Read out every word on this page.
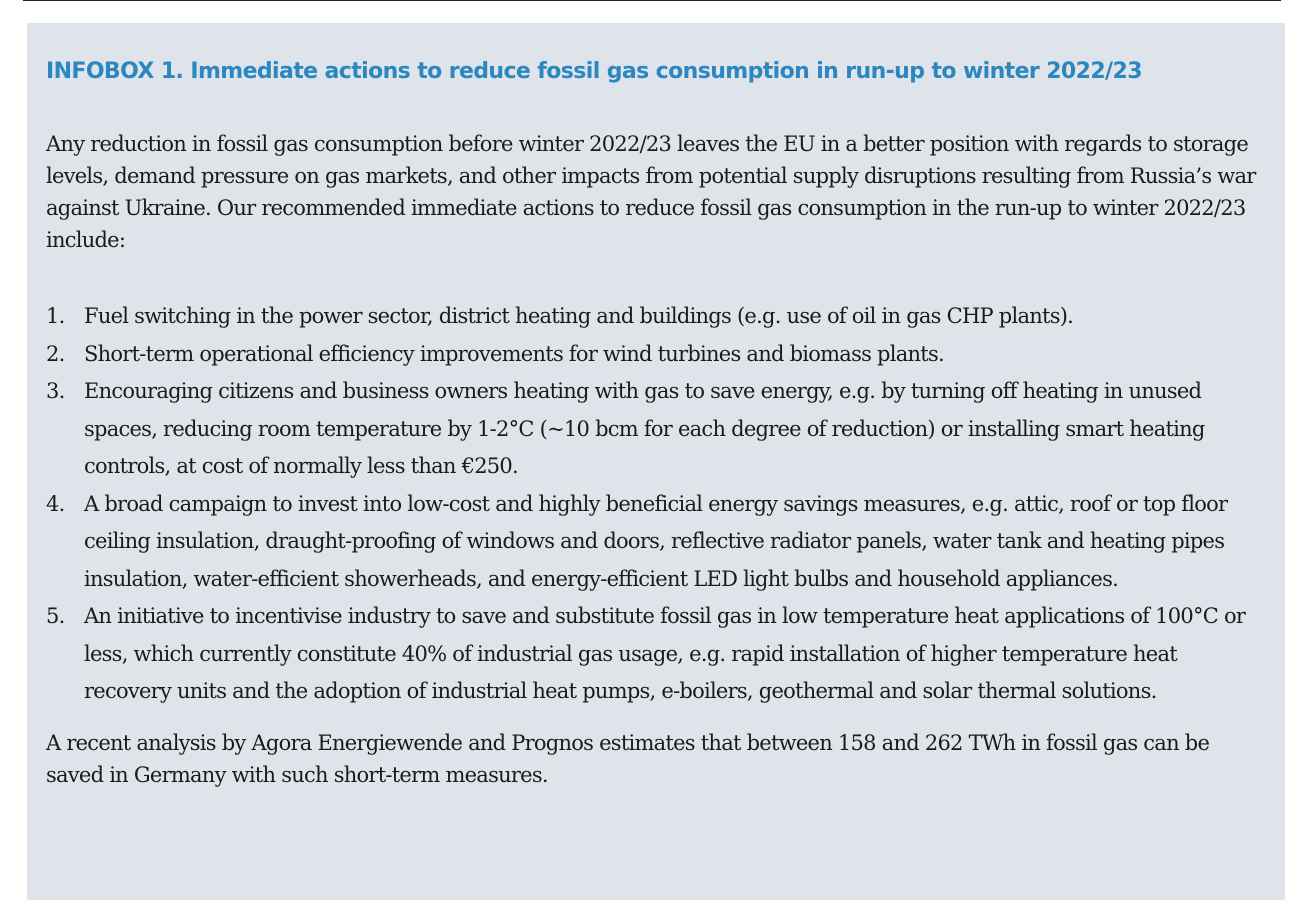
INFOBOX 1. Immediate actions to reduce fossil gas consumption in run-up to winter 2022/23

Any reduction in fossil gas consumption before winter 2022/23 leaves the EU in a better position with regards to storage levels, demand pressure on gas markets, and other impacts from potential supply disruptions resulting from Russia’s war against Ukraine. Our recommended immediate actions to reduce fossil gas consumption in the run-up to winter 2022/23 include:

1. Fuel switching in the power sector, district heating and buildings (e.g. use of oil in gas CHP plants).
2. Short-term operational efficiency improvements for wind turbines and biomass plants.
3. Encouraging citizens and business owners heating with gas to save energy, e.g. by turning off heating in unused spaces, reducing room temperature by 1-2°C (~10 bcm for each degree of reduction) or installing smart heating controls, at cost of normally less than €250.
4. A broad campaign to invest into low-cost and highly beneficial energy savings measures, e.g. attic, roof or top floor ceiling insulation, draught-proofing of windows and doors, reflective radiator panels, water tank and heating pipes insulation, water-efficient showerheads, and energy-efficient LED light bulbs and household appliances.
5. An initiative to incentivise industry to save and substitute fossil gas in low temperature heat applications of 100°C or less, which currently constitute 40% of industrial gas usage, e.g. rapid installation of higher temperature heat recovery units and the adoption of industrial heat pumps, e-boilers, geothermal and solar thermal solutions.

A recent analysis by Agora Energiewende and Prognos estimates that between 158 and 262 TWh in fossil gas can be saved in Germany with such short-term measures.
